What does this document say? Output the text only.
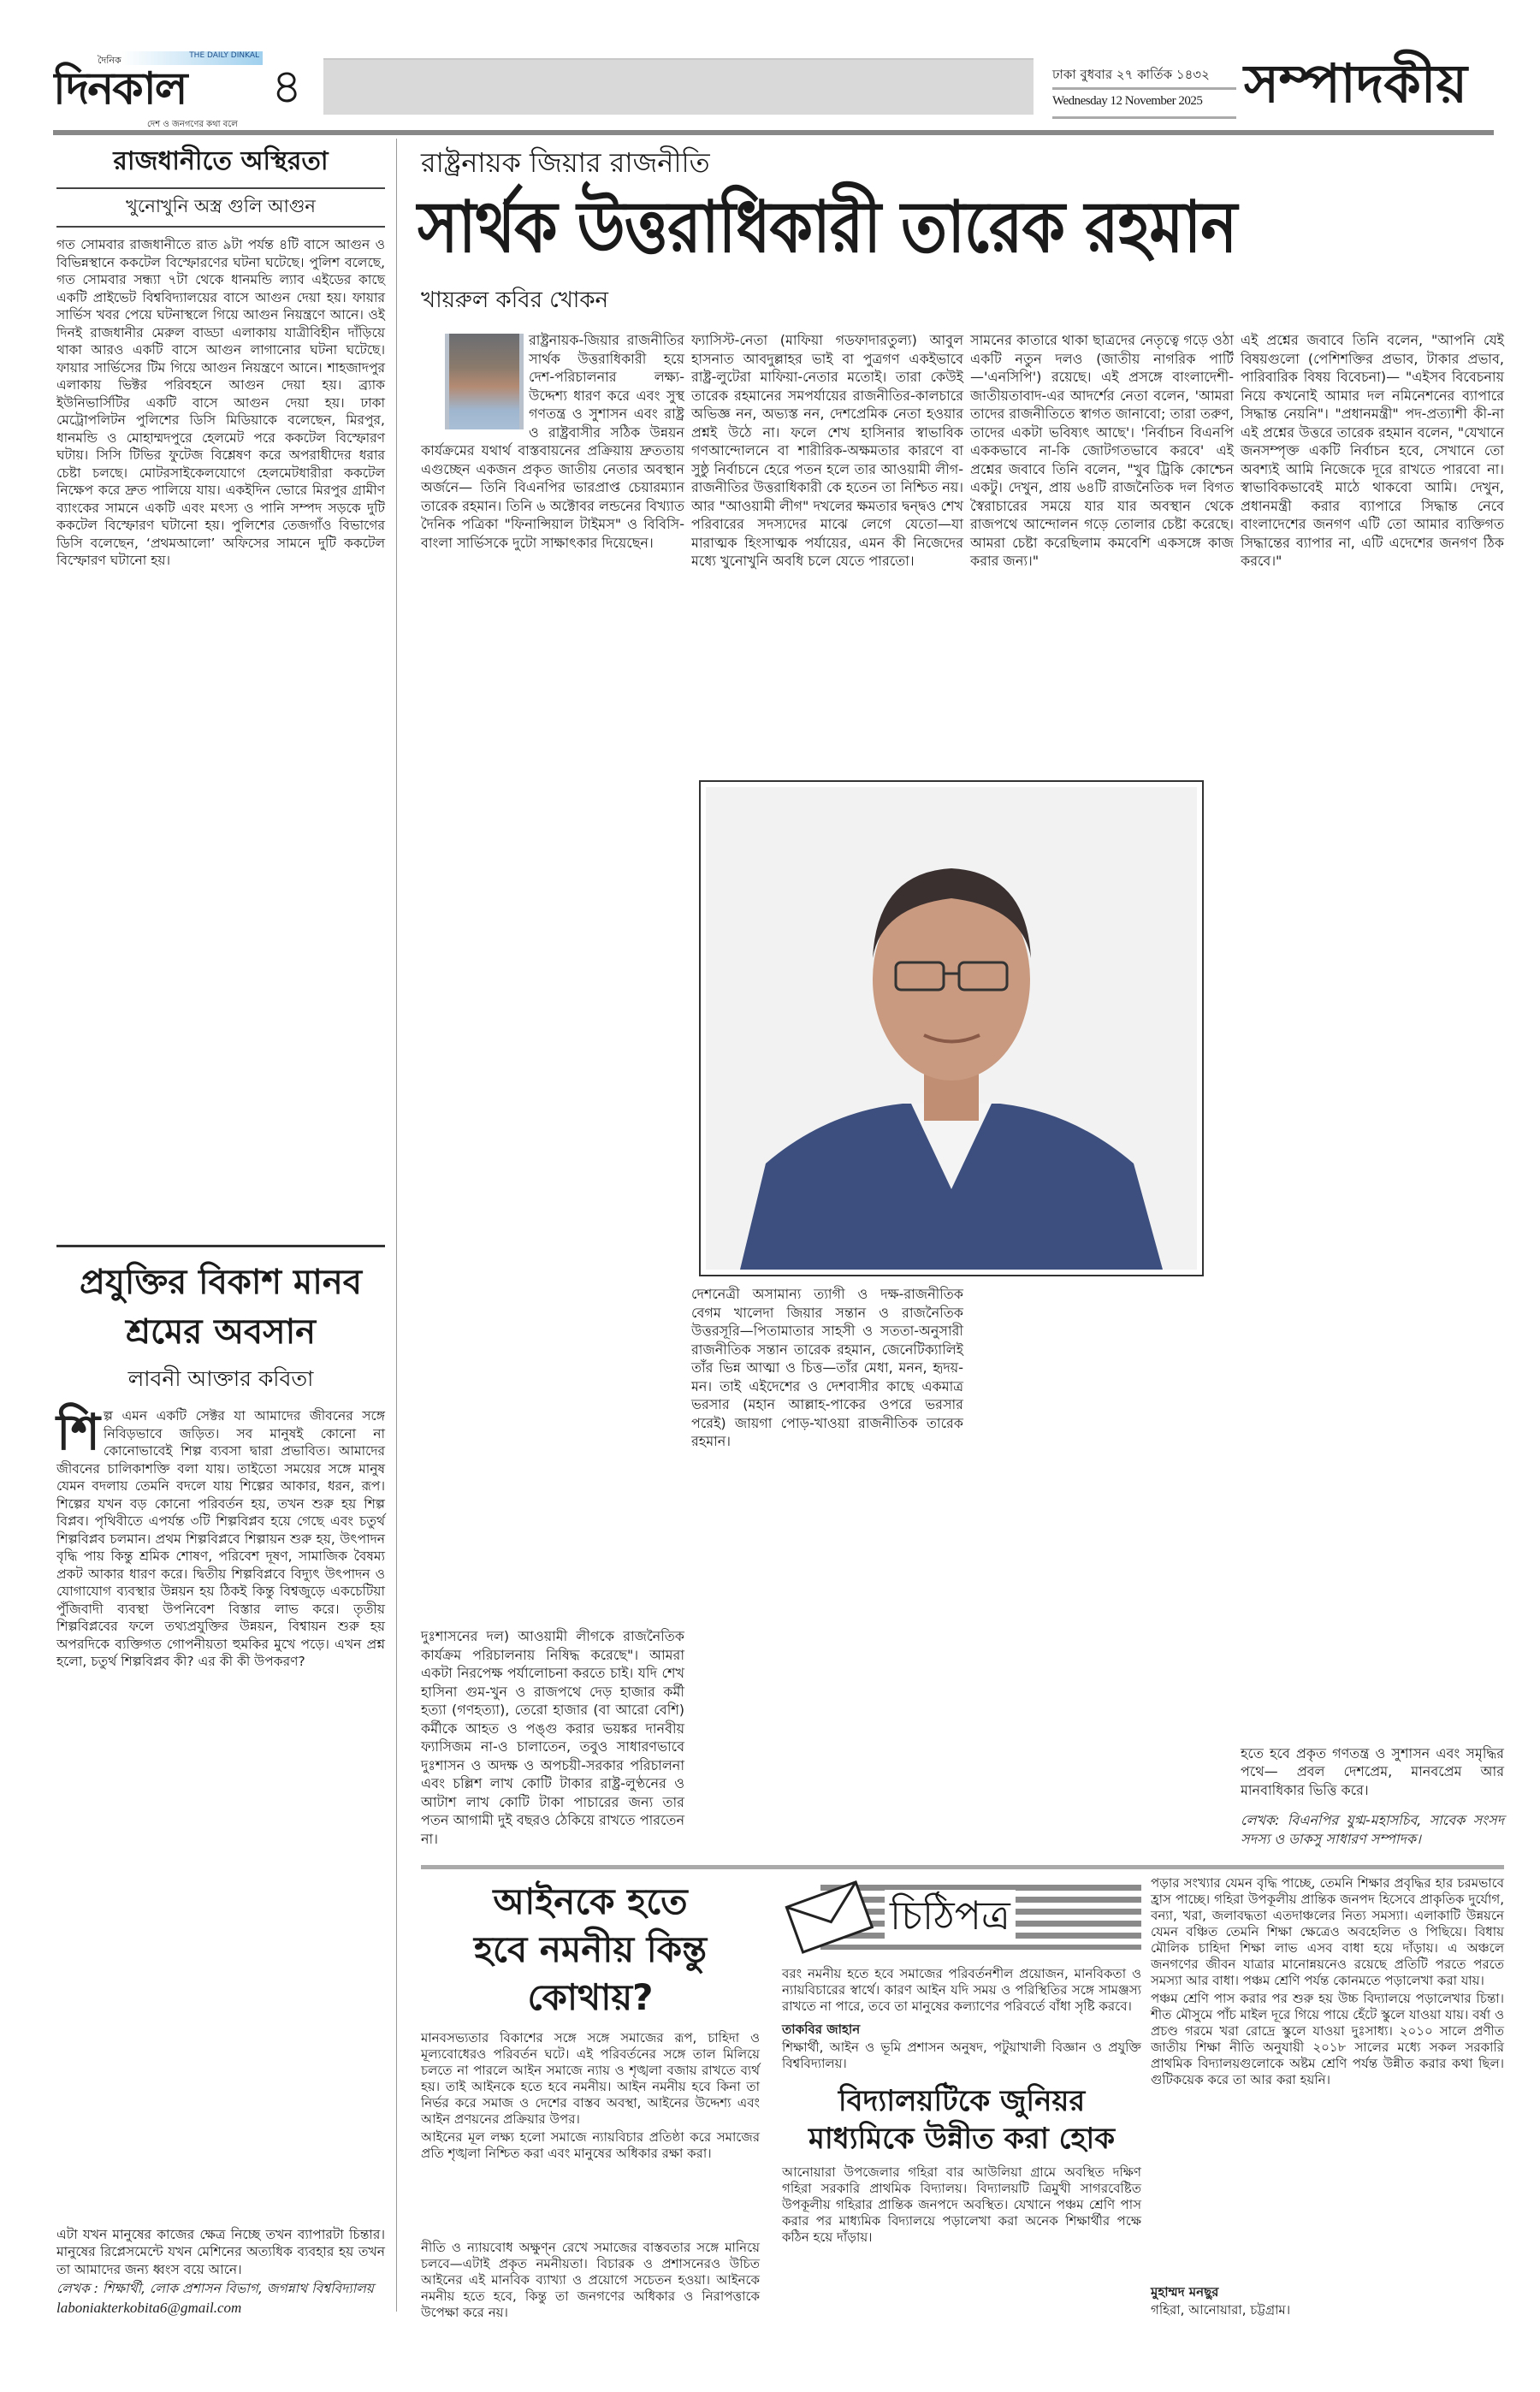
দৈনিক	THE DAILY DINKAL
দিনকাল
দেশ ও জনগণের কথা বলে
৪	ঢাকা বুধবার ২৭ কার্তিক ১৪৩২
Wednesday 12 November 2025 সম্পাদকীয়
রাজধানীতে অস্থিরতা
খুনোখুনি অস্ত্র গুলি আগুন

গত সোমবার রাজধানীতে রাত ৯টা পর্যন্ত ৪টি বাসে আগুন ও বিভিন্নস্থানে ককটেল বিস্ফোরণের ঘটনা ঘটেছে। পুলিশ বলেছে, গত সোমবার সন্ধ্যা ৭টা থেকে ধানমন্ডি ল্যাব এইডের কাছে একটি প্রাইভেট বিশ্ববিদ্যালয়ের বাসে আগুন দেয়া হয়। ফায়ার সার্ভিস খবর পেয়ে ঘটনাস্থলে গিয়ে আগুন নিয়ন্ত্রণে আনে। ওই দিনই রাজধানীর মেরুল বাড্ডা এলাকায় যাত্রীবিহীন দাঁড়িয়ে থাকা আরও একটি বাসে আগুন লাগানোর ঘটনা ঘটেছে। ফায়ার সার্ভিসের টিম গিয়ে আগুন নিয়ন্ত্রণে আনে। শাহজাদপুর এলাকায় ভিক্টর পরিবহনে আগুন দেয়া হয়। ব্র্যাক ইউনিভার্সিটির একটি বাসে আগুন দেয়া হয়। ঢাকা মেট্রোপলিটন পুলিশের ডিসি মিডিয়াকে বলেছেন, মিরপুর, ধানমন্ডি ও মোহাম্মদপুরে হেলমেট পরে ককটেল বিস্ফোরণ ঘটায়। সিসি টিভির ফুটেজ বিশ্লেষণ করে অপরাধীদের ধরার চেষ্টা চলছে। মোটরসাইকেলযোগে হেলমেটধারীরা ককটেল নিক্ষেপ করে দ্রুত পালিয়ে যায়। একইদিন ভোরে মিরপুর গ্রামীণ ব্যাংকের সামনে একটি এবং মৎস্য ও পানি সম্পদ সড়কে দুটি ককটেল বিস্ফোরণ ঘটানো হয়। পুলিশের তেজগাঁও বিভাগের ডিসি বলেছেন, ‘প্রথমআলো’ অফিসের সামনে দুটি ককটেল বিস্ফোরণ ঘটানো হয়।

প্রযুক্তির বিকাশ মানব শ্রমের অবসান
লাবনী আক্তার কবিতা

শিল্প এমন একটি সেক্টর যা আমাদের জীবনের সঙ্গে নিবিড়ভাবে জড়িত। সব মানুষই কোনো না কোনোভাবেই শিল্প ব্যবসা দ্বারা প্রভাবিত। আমাদের জীবনের চালিকাশক্তি বলা যায়। তাইতো সময়ের সঙ্গে মানুষ যেমন বদলায় তেমনি বদলে যায় শিল্পের আকার, ধরন, রূপ। শিল্পের যখন বড় কোনো পরিবর্তন হয়, তখন শুরু হয় শিল্প বিপ্লব। পৃথিবীতে এপর্যন্ত ৩টি শিল্পবিপ্লব হয়ে গেছে এবং চতুর্থ শিল্পবিপ্লব চলমান। প্রথম শিল্পবিপ্লবে শিল্পায়ন শুরু হয়, উৎপাদন বৃদ্ধি পায় কিন্তু শ্রমিক শোষণ, পরিবেশ দূষণ, সামাজিক বৈষম্য প্রকট আকার ধারণ করে। দ্বিতীয় শিল্পবিপ্লবে বিদ্যুৎ উৎপাদন ও যোগাযোগ ব্যবস্থার উন্নয়ন হয় ঠিকই কিন্তু বিশ্বজুড়ে একচেটিয়া পুঁজিবাদী ব্যবস্থা উপনিবেশ বিস্তার লাভ করে। তৃতীয় শিল্পবিপ্লবের ফলে তথ্যপ্রযুক্তির উন্নয়ন, বিশ্বায়ন শুরু হয় অপরদিকে ব্যক্তিগত গোপনীয়তা হুমকির মুখে পড়ে। এখন প্রশ্ন হলো, চতুর্থ শিল্পবিপ্লব কী? এর কী কী উপকরণ?

এটা যখন মানুষের কাজের ক্ষেত্র নিচ্ছে তখন ব্যাপারটা চিন্তার। মানুষের রিপ্লেসমেন্টে যখন মেশিনের অত্যধিক ব্যবহার হয় তখন তা আমাদের জন্য ধ্বংস বয়ে আনে।

লেখক : শিক্ষার্থী, লোক প্রশাসন বিভাগ, জগন্নাথ বিশ্ববিদ্যালয়

laboniakterkobita6@gmail.com

রাষ্ট্রনায়ক জিয়ার রাজনীতি
সার্থক উত্তরাধিকারী তারেক রহমান
খায়রুল কবির খোকন

রাষ্ট্রনায়ক-জিয়ার রাজনীতির সার্থক উত্তরাধিকারী হয়ে দেশ-পরিচালনার লক্ষ্য-উদ্দেশ্য ধারণ করে এবং সুস্থ গণতন্ত্র ও সুশাসন এবং রাষ্ট্র ও রাষ্ট্রবাসীর সঠিক উন্নয়ন কার্যক্রমের যথার্থ বাস্তবায়নের প্রক্রিয়ায় দ্রুততায় এগুচ্ছেন একজন প্রকৃত জাতীয় নেতার অবস্থান অর্জনে— তিনি বিএনপির ভারপ্রাপ্ত চেয়ারম্যান তারেক রহমান। তিনি ৬ অক্টোবর লন্ডনের বিখ্যাত দৈনিক পত্রিকা "ফিনান্সিয়াল টাইমস" ও বিবিসি-বাংলা সার্ভিসকে দুটো সাক্ষাৎকার দিয়েছেন।

দুঃশাসনের দল) আওয়ামী লীগকে রাজনৈতিক কার্যক্রম পরিচালনায় নিষিদ্ধ করেছে"। আমরা একটা নিরপেক্ষ পর্যালোচনা করতে চাই। যদি শেখ হাসিনা গুম-খুন ও রাজপথে দেড় হাজার কর্মী হত্যা (গণহত্যা), তেরো হাজার (বা আরো বেশি) কর্মীকে আহত ও পঙ্গু করার ভয়ঙ্কর দানবীয় ফ্যাসিজম না-ও চালাতেন, তবুও সাধারণভাবে দুঃশাসন ও অদক্ষ ও অপচয়ী-সরকার পরিচালনা এবং চল্লিশ লাখ কোটি টাকার রাষ্ট্র-লুণ্ঠনের ও আটাশ লাখ কোটি টাকা পাচারের জন্য তার পতন আগামী দুই বছরও ঠেকিয়ে রাখতে পারতেন না।

ফ্যাসিস্ট-নেতা (মাফিয়া গডফাদারতুল্য) আবুল হাসনাত আবদুল্লাহর ভাই বা পুত্রগণ একইভাবে রাষ্ট্র-লুটেরা মাফিয়া-নেতার মতোই। তারা কেউই তারেক রহমানের সমপর্যায়ের রাজনীতির-কালচারে অভিজ্ঞ নন, অভ্যস্ত নন, দেশপ্রেমিক নেতা হওয়ার প্রশ্নই উঠে না। ফলে শেখ হাসিনার স্বাভাবিক গণআন্দোলনে বা শারীরিক-অক্ষমতার কারণে বা সুষ্ঠু নির্বাচনে হেরে পতন হলে তার আওয়ামী লীগ-রাজনীতির উত্তরাধিকারী কে হতেন তা নিশ্চিত নয়। আর "আওয়ামী লীগ" দখলের ক্ষমতার দ্বন্দ্বও শেখ পরিবারের সদস্যদের মাঝে লেগে যেতো—যা মারাত্মক হিংসাত্মক পর্যায়ের, এমন কী নিজেদের মধ্যে খুনোখুনি অবধি চলে যেতে পারতো।

সামনের কাতারে থাকা ছাত্রদের নেতৃত্বে গড়ে ওঠা একটি নতুন দলও (জাতীয় নাগরিক পার্টি—'এনসিপি') রয়েছে। এই প্রসঙ্গে বাংলাদেশী-জাতীয়তাবাদ-এর আদর্শের নেতা বলেন, 'আমরা তাদের রাজনীতিতে স্বাগত জানাবো; তারা তরুণ, তাদের একটা ভবিষ্যৎ আছে'। 'নির্বাচন বিএনপি এককভাবে না-কি জোটগতভাবে করবে' এই প্রশ্নের জবাবে তিনি বলেন, "খুব ট্রিকি কোশ্চেন একটু। দেখুন, প্রায় ৬৪টি রাজনৈতিক দল বিগত স্বৈরাচারের সময়ে যার যার অবস্থান থেকে রাজপথে আন্দোলন গড়ে তোলার চেষ্টা করেছে। আমরা চেষ্টা করেছিলাম কমবেশি একসঙ্গে কাজ করার জন্য।"

দেশনেত্রী অসামান্য ত্যাগী ও দক্ষ-রাজনীতিক বেগম খালেদা জিয়ার সন্তান ও রাজনৈতিক উত্তরসূরি—পিতামাতার সাহসী ও সততা-অনুসারী রাজনীতিক সন্তান তারেক রহমান, জেনেটিক্যালিই তাঁর ভিন্ন আত্মা ও চিত্ত—তাঁর মেধা, মনন, হৃদয়-মন। তাই এইদেশের ও দেশবাসীর কাছে একমাত্র ভরসার (মহান আল্লাহ-পাকের ওপরে ভরসার পরেই) জায়গা পোড়-খাওয়া রাজনীতিক তারেক রহমান।

এই প্রশ্নের জবাবে তিনি বলেন, "আপনি যেই বিষয়গুলো (পেশিশক্তির প্রভাব, টাকার প্রভাব, পারিবারিক বিষয় বিবেচনা)— "এইসব বিবেচনায় নিয়ে কখনোই আমার দল নমিনেশনের ব্যাপারে সিদ্ধান্ত নেয়নি"। "প্রধানমন্ত্রী" পদ-প্রত্যাশী কী-না এই প্রশ্নের উত্তরে তারেক রহমান বলেন, "যেখানে জনসম্পৃক্ত একটি নির্বাচন হবে, সেখানে তো অবশ্যই আমি নিজেকে দূরে রাখতে পারবো না। স্বাভাবিকভাবেই মাঠে থাকবো আমি। দেখুন, প্রধানমন্ত্রী করার ব্যাপারে সিদ্ধান্ত নেবে বাংলাদেশের জনগণ এটি তো আমার ব্যক্তিগত সিদ্ধান্তের ব্যাপার না, এটি এদেশের জনগণ ঠিক করবে।"

হতে হবে প্রকৃত গণতন্ত্র ও সুশাসন এবং সমৃদ্ধির পথে— প্রবল দেশপ্রেম, মানবপ্রেম আর মানবাধিকার ভিত্তি করে।

লেখক: বিএনপির যুগ্ম-মহাসচিব, সাবেক সংসদ সদস্য ও ডাকসু সাধারণ সম্পাদক।

আইনকে হতে হবে নমনীয় কিন্তু কোথায়?

মানবসভ্যতার বিকাশের সঙ্গে সঙ্গে সমাজের রূপ, চাহিদা ও মূল্যবোধেরও পরিবর্তন ঘটে। এই পরিবর্তনের সঙ্গে তাল মিলিয়ে চলতে না পারলে আইন সমাজে ন্যায় ও শৃঙ্খলা বজায় রাখতে ব্যর্থ হয়। তাই আইনকে হতে হবে নমনীয়। আইন নমনীয় হবে কিনা তা নির্ভর করে সমাজ ও দেশের বাস্তব অবস্থা, আইনের উদ্দেশ্য এবং আইন প্রণয়নের প্রক্রিয়ার উপর।

আইনের মূল লক্ষ্য হলো সমাজে ন্যায়বিচার প্রতিষ্ঠা করে সমাজের প্রতি শৃঙ্খলা নিশ্চিত করা এবং মানুষের অধিকার রক্ষা করা।

নীতি ও ন্যায়বোধ অক্ষুণ্ন রেখে সমাজের বাস্তবতার সঙ্গে মানিয়ে চলবে—এটাই প্রকৃত নমনীয়তা। বিচারক ও প্রশাসনেরও উচিত আইনের এই মানবিক ব্যাখ্যা ও প্রয়োগে সচেতন হওয়া। আইনকে নমনীয় হতে হবে, কিন্তু তা জনগণের অধিকার ও নিরাপত্তাকে উপেক্ষা করে নয়।

চিঠিপত্র

বরং নমনীয় হতে হবে সমাজের পরিবর্তনশীল প্রয়োজন, মানবিকতা ও ন্যায়বিচারের স্বার্থে। কারণ আইন যদি সময় ও পরিস্থিতির সঙ্গে সামঞ্জস্য রাখতে না পারে, তবে তা মানুষের কল্যাণের পরিবর্তে বাঁধা সৃষ্টি করবে।

তাকবির জাহান

শিক্ষার্থী, আইন ও ভূমি প্রশাসন অনুষদ, পটুয়াখালী বিজ্ঞান ও প্রযুক্তি বিশ্ববিদ্যালয়।

বিদ্যালয়টিকে জুনিয়র মাধ্যমিকে উন্নীত করা হোক

আনোয়ারা উপজেলার গহিরা বার আউলিয়া গ্রামে অবস্থিত দক্ষিণ গহিরা সরকারি প্রাথমিক বিদ্যালয়। বিদ্যালয়টি ত্রিমুখী সাগরবেষ্টিত উপকূলীয় গহিরার প্রান্তিক জনপদে অবস্থিত। যেখানে পঞ্চম শ্রেণি পাস করার পর মাধ্যমিক বিদ্যালয়ে পড়ালেখা করা অনেক শিক্ষার্থীর পক্ষে কঠিন হয়ে দাঁড়ায়।

পড়ার সংখ্যার যেমন বৃদ্ধি পাচ্ছে, তেমনি শিক্ষার প্রবৃদ্ধির হার চরমভাবে হ্রাস পাচ্ছে। গহিরা উপকূলীয় প্রান্তিক জনপদ হিসেবে প্রাকৃতিক দুর্যোগ, বন্যা, খরা, জলাবদ্ধতা এতদাঞ্চলের নিত্য সমস্যা। এলাকাটি উন্নয়নে যেমন বঞ্চিত তেমনি শিক্ষা ক্ষেত্রেও অবহেলিত ও পিছিয়ে। বিধায় মৌলিক চাহিদা শিক্ষা লাভ এসব বাধা হয়ে দাঁড়ায়। এ অঞ্চলে জনগণের জীবন যাত্রার মানোন্নয়নেও রয়েছে প্রতিটি পরতে পরতে সমস্যা আর বাধা। পঞ্চম শ্রেণি পর্যন্ত কোনমতে পড়ালেখা করা যায়।

পঞ্চম শ্রেণি পাস করার পর শুরু হয় উচ্চ বিদ্যালয়ে পড়ালেখার চিন্তা। শীত মৌসুমে পাঁচ মাইল দূরে গিয়ে পায়ে হেঁটে স্কুলে যাওয়া যায়। বর্ষা ও প্রচণ্ড গরমে খরা রোদ্রে স্কুলে যাওয়া দুঃসাধ্য। ২০১০ সালে প্রণীত জাতীয় শিক্ষা নীতি অনুযায়ী ২০১৮ সালের মধ্যে সকল সরকারি প্রাথমিক বিদ্যালয়গুলোকে অষ্টম শ্রেণি পর্যন্ত উন্নীত করার কথা ছিল। গুটিকয়েক করে তা আর করা হয়নি।

মুহাম্মদ মনছুর

গহিরা, আনোয়ারা, চট্টগ্রাম।
